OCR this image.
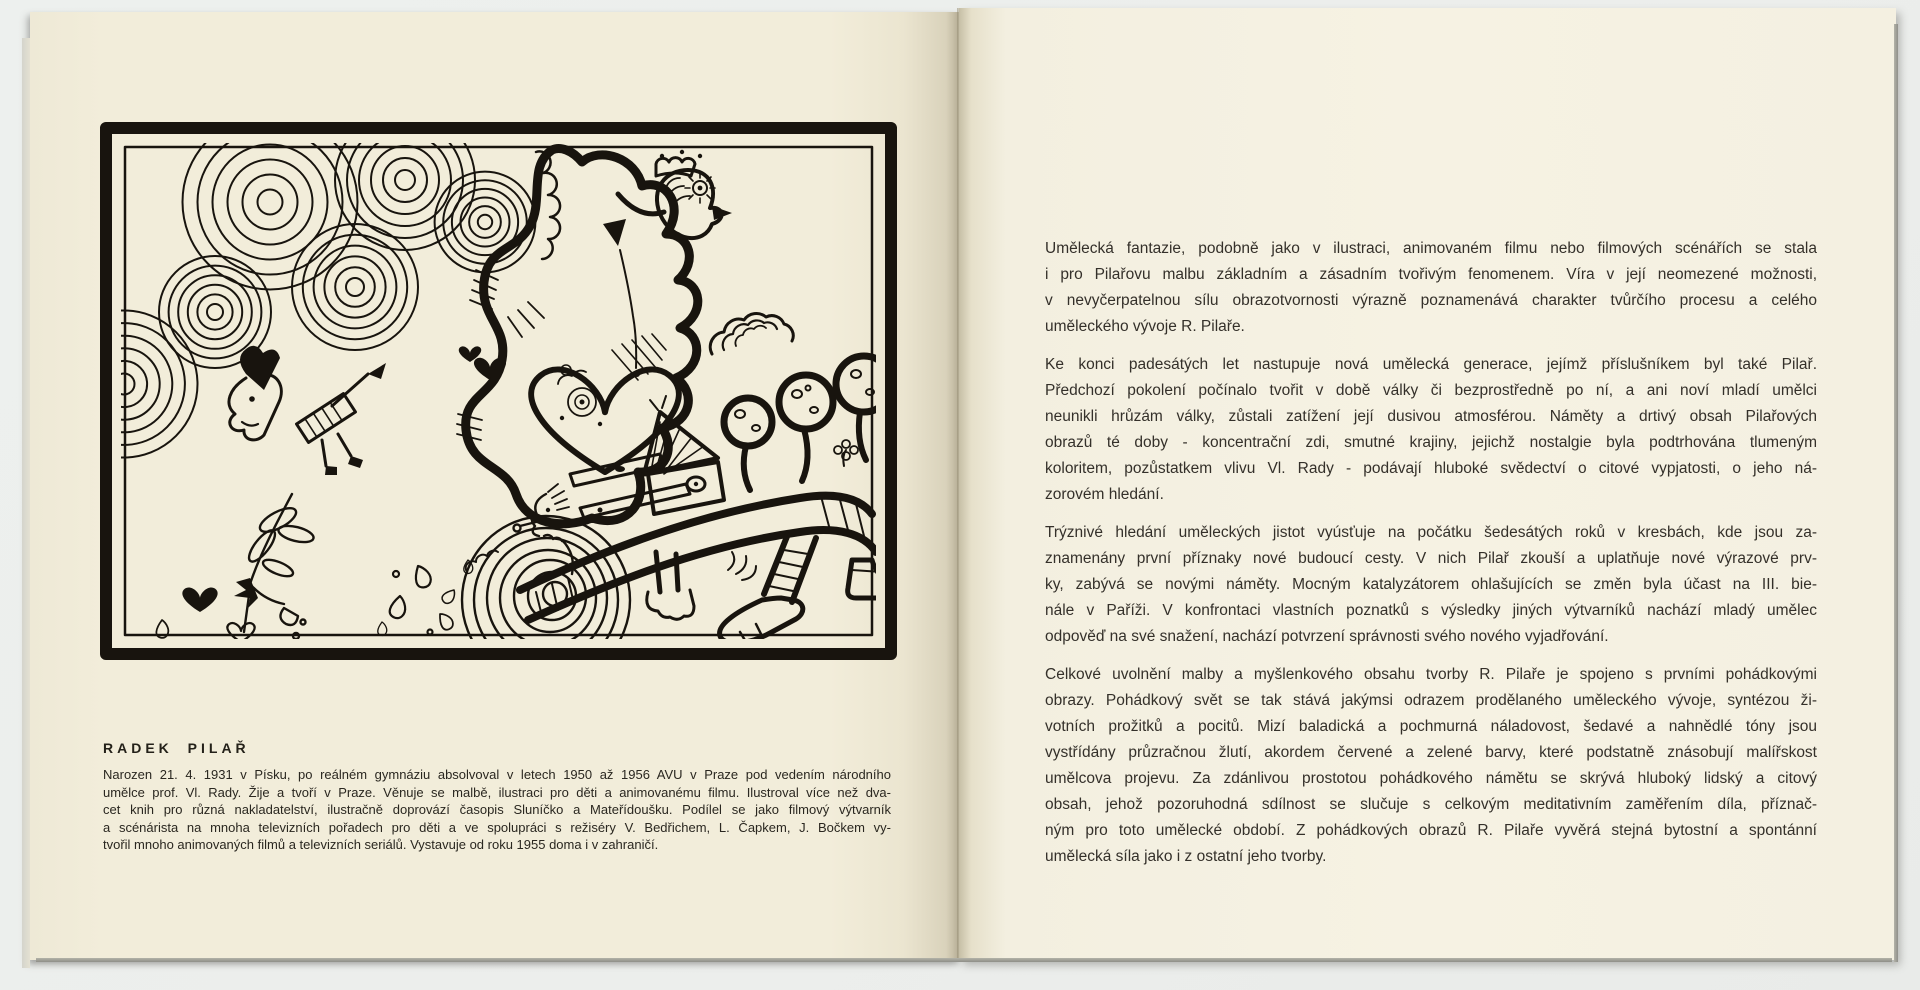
RADEK PILAŘ
Narozen 21. 4. 1931 v Písku, po reálném gymnáziu absolvoval v letech 1950 až 1956 AVU v Praze pod vedením národního
umělce prof. Vl. Rady. Žije a tvoří v Praze. Věnuje se malbě, ilustraci pro děti a animovanému filmu. Ilustroval více než dva-
cet knih pro různá nakladatelství, ilustračně doprovází časopis Sluníčko a Mateřídoušku. Podílel se jako filmový výtvarník
a scénárista na mnoha televizních pořadech pro děti a ve spolupráci s režiséry V. Bedřichem, L. Čapkem, J. Bočkem vy-
tvořil mnoho animovaných filmů a televizních seriálů. Vystavuje od roku 1955 doma i v zahraničí.
Umělecká fantazie, podobně jako v ilustraci, animovaném filmu nebo filmových scénářích se stala
i pro Pilařovu malbu základním a zásadním tvořivým fenomenem. Víra v její neomezené možnosti,
v nevyčerpatelnou sílu obrazotvornosti výrazně poznamenává charakter tvůrčího procesu a celého
uměleckého vývoje R. Pilaře.
Ke konci padesátých let nastupuje nová umělecká generace, jejímž příslušníkem byl také Pilař.
Předchozí pokolení počínalo tvořit v době války či bezprostředně po ní, a ani noví mladí umělci
neunikli hrůzám války, zůstali zatížení její dusivou atmosférou. Náměty a drtivý obsah Pilařových
obrazů té doby - koncentrační zdi, smutné krajiny, jejichž nostalgie byla podtrhována tlumeným
koloritem, pozůstatkem vlivu Vl. Rady - podávají hluboké svědectví o citové vypjatosti, o jeho ná-
zorovém hledání.
Trýznivé hledání uměleckých jistot vyúsťuje na počátku šedesátých roků v kresbách, kde jsou za-
znamenány první příznaky nové budoucí cesty. V nich Pilař zkouší a uplatňuje nové výrazové prv-
ky, zabývá se novými náměty. Mocným katalyzátorem ohlašujících se změn byla účast na III. bie-
nále v Paříži. V konfrontaci vlastních poznatků s výsledky jiných výtvarníků nachází mladý umělec
odpověď na své snažení, nachází potvrzení správnosti svého nového vyjadřování.
Celkové uvolnění malby a myšlenkového obsahu tvorby R. Pilaře je spojeno s prvními pohádkovými
obrazy. Pohádkový svět se tak stává jakýmsi odrazem prodělaného uměleckého vývoje, syntézou ži-
votních prožitků a pocitů. Mizí baladická a pochmurná náladovost, šedavé a nahnědlé tóny jsou
vystřídány průzračnou žlutí, akordem červené a zelené barvy, které podstatně znásobují malířskost
umělcova projevu. Za zdánlivou prostotou pohádkového námětu se skrývá hluboký lidský a citový
obsah, jehož pozoruhodná sdílnost se slučuje s celkovým meditativním zaměřením díla, příznač-
ným pro toto umělecké období. Z pohádkových obrazů R. Pilaře vyvěrá stejná bytostní a spontánní
umělecká síla jako i z ostatní jeho tvorby.
